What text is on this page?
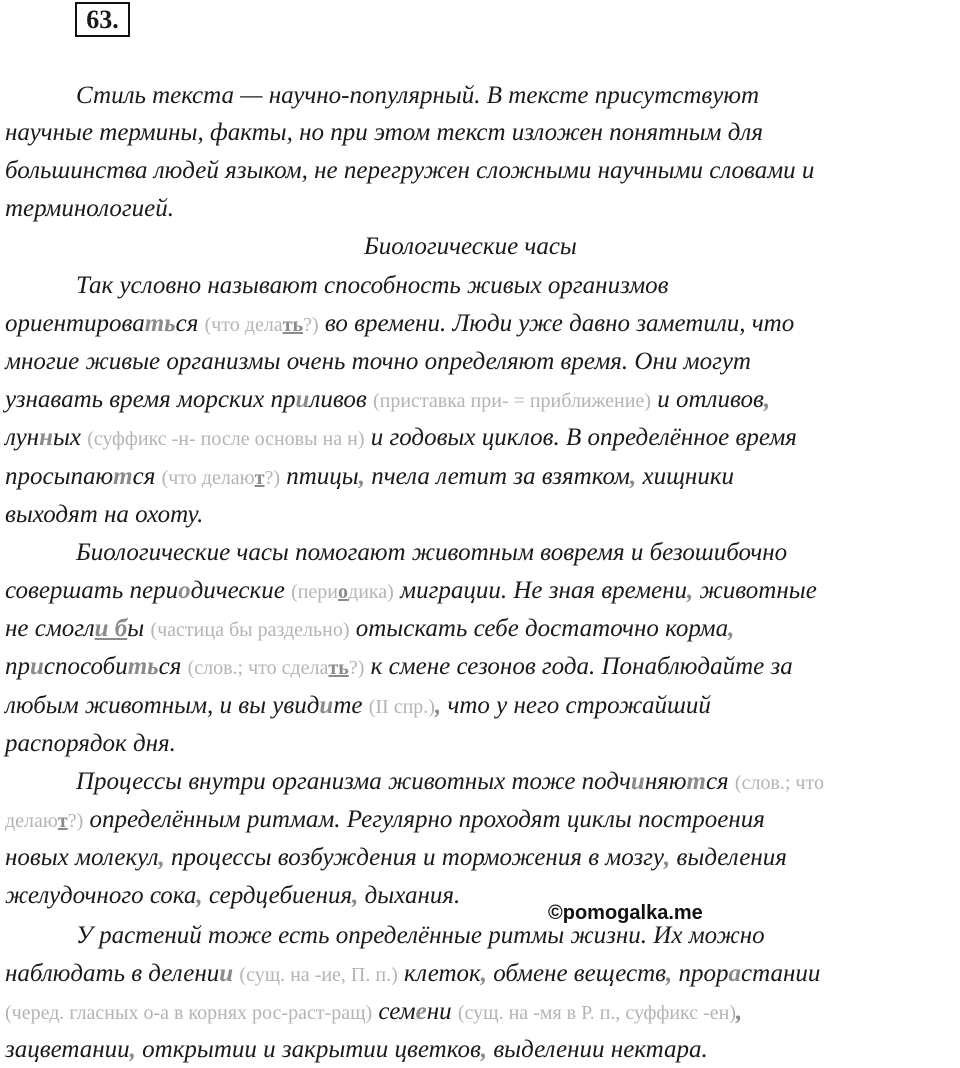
63.
Стиль текста — научно-популярный. В тексте присутствуют
научные термины, факты, но при этом текст изложен понятным для
большинства людей языком, не перегружен сложными научными словами и
терминологией.
Биологические часы
Так условно называют способность живых организмов
ориентироваться (что делать?) во времени. Люди уже давно заметили, что
многие живые организмы очень точно определяют время. Они могут
узнавать время морских приливов (приставка при- = приближение) и отливов,
лунных (суффикс -н- после основы на н) и годовых циклов. В определённое время
просыпаются (что делают?) птицы, пчела летит за взятком, хищники
выходят на охоту.
Биологические часы помогают животным вовремя и безошибочно
совершать периодические (периодика) миграции. Не зная времени, животные
не смогли бы (частица бы раздельно) отыскать себе достаточно корма,
приспособиться (слов.; что сделать?) к смене сезонов года. Понаблюдайте за
любым животным, и вы увидите (II спр.), что у него строжайший
распорядок дня.
Процессы внутри организма животных тоже подчиняются (слов.; что
делают?) определённым ритмам. Регулярно проходят циклы построения
новых молекул, процессы возбуждения и торможения в мозгу, выделения
желудочного сока, сердцебиения, дыхания.
©pomogalka.me
У растений тоже есть определённые ритмы жизни. Их можно
наблюдать в делении (сущ. на -ие, П. п.) клеток, обмене веществ, прорастании
(черед. гласных о-а в корнях рос-раст-ращ) семени (сущ. на -мя в Р. п., суффикс -ен),
зацветании, открытии и закрытии цветков, выделении нектара.
